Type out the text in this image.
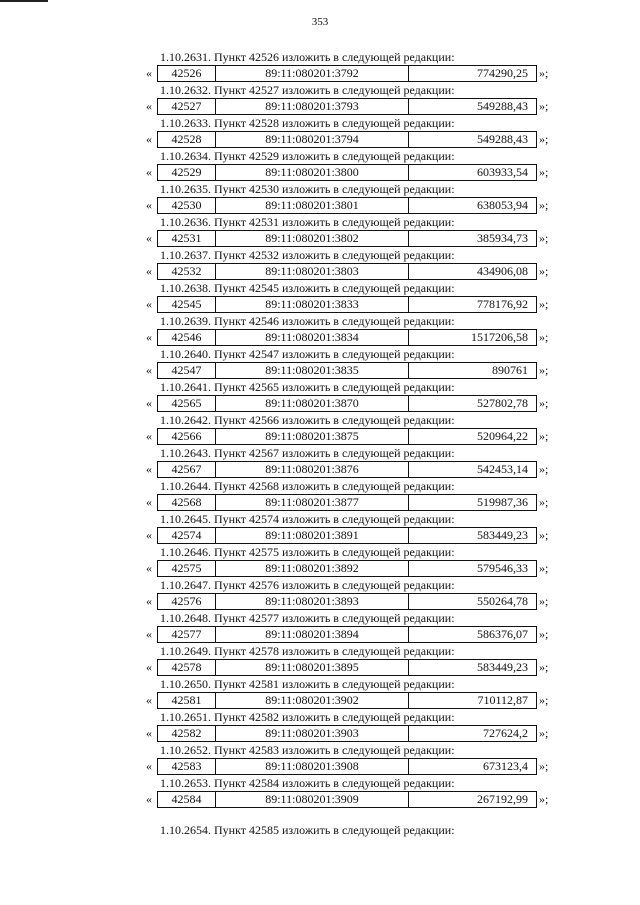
353
1.10.2631. Пункт 42526 изложить в следующей редакции:
«	42526	89:11:080201:3792	774290,25 »;
1.10.2632. Пункт 42527 изложить в следующей редакции:
«	42527	89:11:080201:3793	549288,43 »;
1.10.2633. Пункт 42528 изложить в следующей редакции:
«	42528	89:11:080201:3794	549288,43 »;
1.10.2634. Пункт 42529 изложить в следующей редакции:
«	42529	89:11:080201:3800	603933,54 »;
1.10.2635. Пункт 42530 изложить в следующей редакции:
«	42530	89:11:080201:3801	638053,94 »;
1.10.2636. Пункт 42531 изложить в следующей редакции:
«	42531	89:11:080201:3802	385934,73 »;
1.10.2637. Пункт 42532 изложить в следующей редакции:
«	42532	89:11:080201:3803	434906,08 »;
1.10.2638. Пункт 42545 изложить в следующей редакции:
«	42545	89:11:080201:3833	778176,92 »;
1.10.2639. Пункт 42546 изложить в следующей редакции:
«	42546	89:11:080201:3834	1517206,58 »;
1.10.2640. Пункт 42547 изложить в следующей редакции:
«	42547	89:11:080201:3835	890761 »;
1.10.2641. Пункт 42565 изложить в следующей редакции:
«	42565	89:11:080201:3870	527802,78 »;
1.10.2642. Пункт 42566 изложить в следующей редакции:
«	42566	89:11:080201:3875	520964,22 »;
1.10.2643. Пункт 42567 изложить в следующей редакции:
«	42567	89:11:080201:3876	542453,14 »;
1.10.2644. Пункт 42568 изложить в следующей редакции:
«	42568	89:11:080201:3877	519987,36 »;
1.10.2645. Пункт 42574 изложить в следующей редакции:
«	42574	89:11:080201:3891	583449,23 »;
1.10.2646. Пункт 42575 изложить в следующей редакции:
«	42575	89:11:080201:3892	579546,33 »;
1.10.2647. Пункт 42576 изложить в следующей редакции:
«	42576	89:11:080201:3893	550264,78 »;
1.10.2648. Пункт 42577 изложить в следующей редакции:
«	42577	89:11:080201:3894	586376,07 »;
1.10.2649. Пункт 42578 изложить в следующей редакции:
«	42578	89:11:080201:3895	583449,23 »;
1.10.2650. Пункт 42581 изложить в следующей редакции:
«	42581	89:11:080201:3902	710112,87 »;
1.10.2651. Пункт 42582 изложить в следующей редакции:
«	42582	89:11:080201:3903	727624,2 »;
1.10.2652. Пункт 42583 изложить в следующей редакции:
«	42583	89:11:080201:3908	673123,4 »;
1.10.2653. Пункт 42584 изложить в следующей редакции:
«	42584	89:11:080201:3909	267192,99 »;
1.10.2654. Пункт 42585 изложить в следующей редакции:
